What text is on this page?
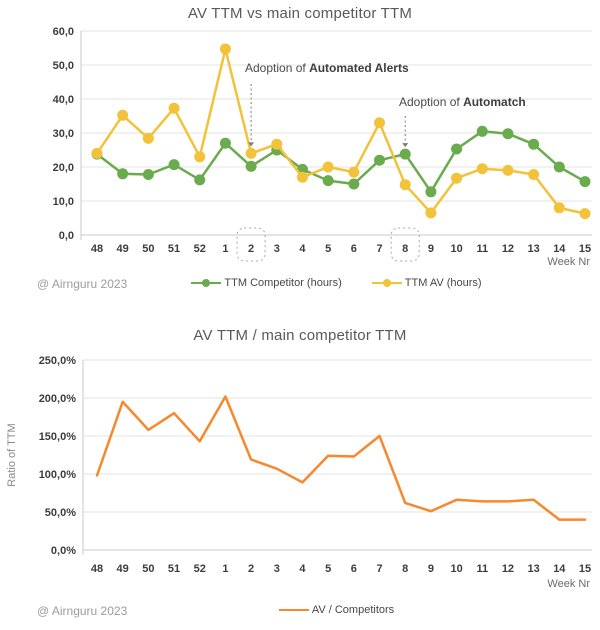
AV TTM vs main competitor TTM
0,0
10,0
20,0
30,0
40,0
50,0
60,0
48 49 50 51 52 1 2 3 4 5 6 7 8 9 10 11 12 13 14 15
Adoption of Automated Alerts
Adoption of Automatch
Week Nr
@ Airnguru 2023	TTM Competitor (hours)	TTM AV (hours)
AV TTM / main competitor TTM
Ratio of TTM
0,0%
50,0%
100,0%
150,0%
200,0%
250,0%
48 49 50 51 52 1 2 3 4 5 6 7 8 9 10 11 12 13 14 15
Week Nr
@ Airnguru 2023	AV / Competitors
